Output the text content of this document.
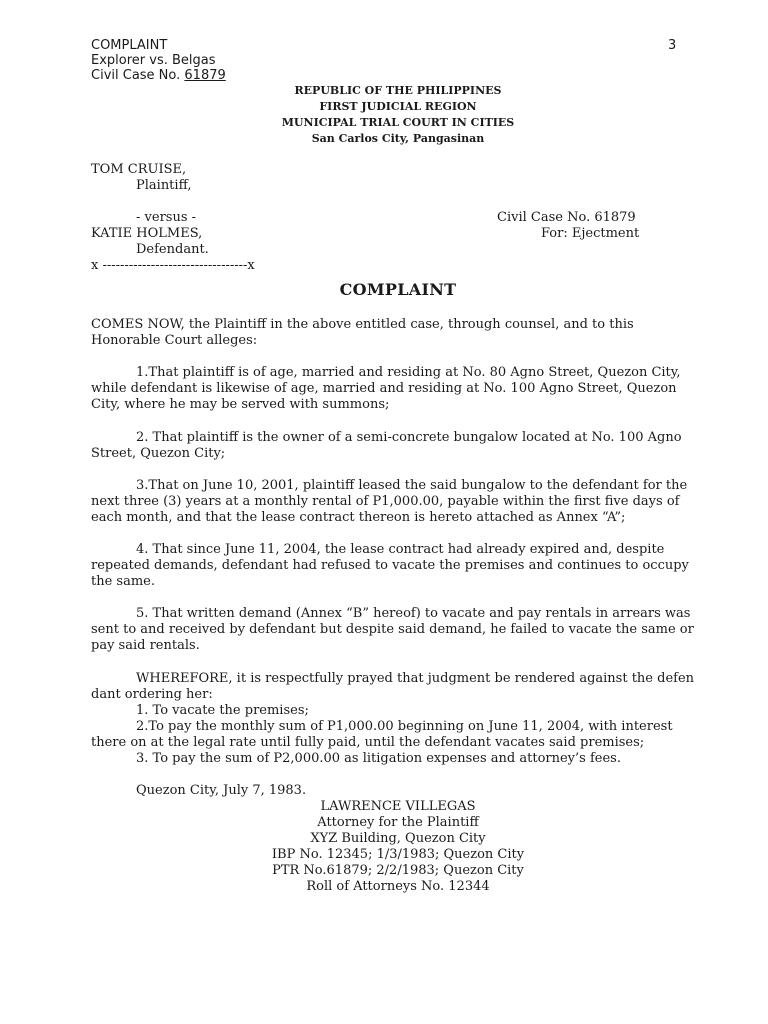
COMPLAINT
Explorer vs. Belgas
Civil Case No. 61879
3
REPUBLIC OF THE PHILIPPINES
FIRST JUDICIAL REGION
MUNICIPAL TRIAL COURT IN CITIES
San Carlos City, Pangasinan
TOM CRUISE,
Plaintiff,
- versus -	Civil Case No. 61879
KATIE HOLMES,	For: Ejectment
Defendant.
x ---------------------------------x
COMPLAINT
COMES NOW, the Plaintiff in the above entitled case, through counsel, and to this Honorable Court alleges:
1.That plaintiff is of age, married and residing at No. 80 Agno Street, Quezon City, while defendant is likewise of age, married and residing at No. 100 Agno Street, Quezon City, where he may be served with summons;
2. That plaintiff is the owner of a semi-concrete bungalow located at No. 100 Agno Street, Quezon City;
3.That on June 10, 2001, plaintiff leased the said bungalow to the defendant for the next three (3) years at a monthly rental of P1,000.00, payable within the first five days of each month, and that the lease contract thereon is hereto attached as Annex “A”;
4. That since June 11, 2004, the lease contract had already expired and, despite repeated demands, defendant had refused to vacate the premises and continues to occupy the same.
5. That written demand (Annex “B” hereof) to vacate and pay rentals in arrears was sent to and received by defendant but despite said demand, he failed to vacate the same or pay said rentals.
WHEREFORE, it is respectfully prayed that judgment be rendered against the defen dant ordering her:
1. To vacate the premises;
2.To pay the monthly sum of P1,000.00 beginning on June 11, 2004, with interest there on at the legal rate until fully paid, until the defendant vacates said premises;
3. To pay the sum of P2,000.00 as litigation expenses and attorney’s fees.
Quezon City, July 7, 1983.
LAWRENCE VILLEGAS
Attorney for the Plaintiff
XYZ Building, Quezon City
IBP No. 12345; 1/3/1983; Quezon City
PTR No.61879; 2/2/1983; Quezon City
Roll of Attorneys No. 12344
